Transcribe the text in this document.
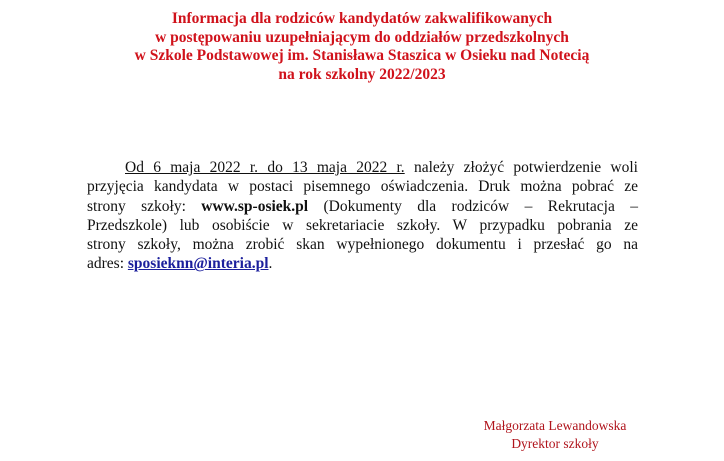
Informacja dla rodziców kandydatów zakwalifikowanych
w postępowaniu uzupełniającym do oddziałów przedszkolnych
w Szkole Podstawowej im. Stanisława Staszica w Osieku nad Notecią
na rok szkolny 2022/2023
Od 6 maja 2022 r. do 13 maja 2022 r. należy złożyć potwierdzenie woli
przyjęcia kandydata w postaci pisemnego oświadczenia. Druk można pobrać ze
strony szkoły: www.sp-osiek.pl (Dokumenty dla rodziców – Rekrutacja –
Przedszkole) lub osobiście w sekretariacie szkoły. W przypadku pobrania ze
strony szkoły, można zrobić skan wypełnionego dokumentu i przesłać go na
adres: sposieknn@interia.pl.
Małgorzata Lewandowska
Dyrektor szkoły
